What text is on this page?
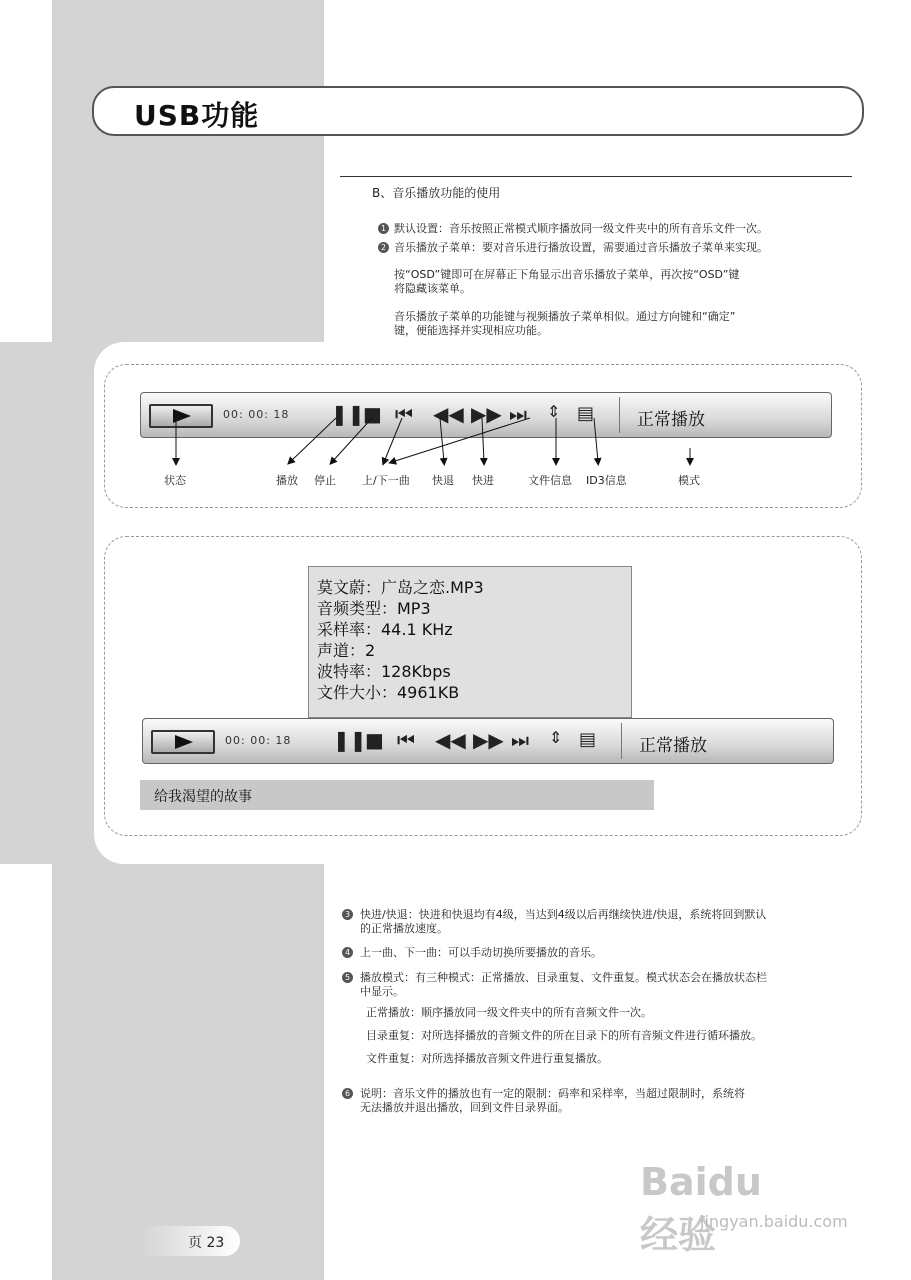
USB功能
B、音乐播放功能的使用
1 默认设置：音乐按照正常模式顺序播放同一级文件夹中的所有音乐文件一次。
2 音乐播放子菜单：要对音乐进行播放设置，需要通过音乐播放子菜单来实现。
按“OSD”键即可在屏幕正下角显示出音乐播放子菜单，再次按“OSD”键
将隐藏该菜单。
音乐播放子菜单的功能键与视频播放子菜单相似。通过方向键和“确定”
键，便能选择并实现相应功能。
00: 00: 18 ❚❚
■ ⏮ ◀◀ ▶▶ ⏭ ⇕ ▤	正常播放
状态	播放 停止 上/下一曲 快退 快进	文件信息 ID3信息	模式
莫文蔚：广岛之恋.MP3
音频类型：MP3
采样率：44.1 KHz
声道：2
波特率：128Kbps
文件大小：4961KB
00: 00: 18 ❚❚
■ ⏮ ◀◀ ▶▶ ⏭ ⇕ ▤	正常播放
给我渴望的故事
3 快进/快退：快进和快退均有4级，当达到4级以后再继续快进/快退，系统将回到默认
的正常播放速度。
4 上一曲、下一曲：可以手动切换所要播放的音乐。
5 播放模式：有三种模式：正常播放、目录重复、文件重复。模式状态会在播放状态栏
中显示。
正常播放：顺序播放同一级文件夹中的所有音频文件一次。
目录重复：对所选择播放的音频文件的所在目录下的所有音频文件进行循环播放。
文件重复：对所选择播放音频文件进行重复播放。
6 说明：音乐文件的播放也有一定的限制：码率和采样率，当超过限制时，系统将
无法播放并退出播放，回到文件目录界面。
页 23
Baidu经验
jingyan.baidu.com
